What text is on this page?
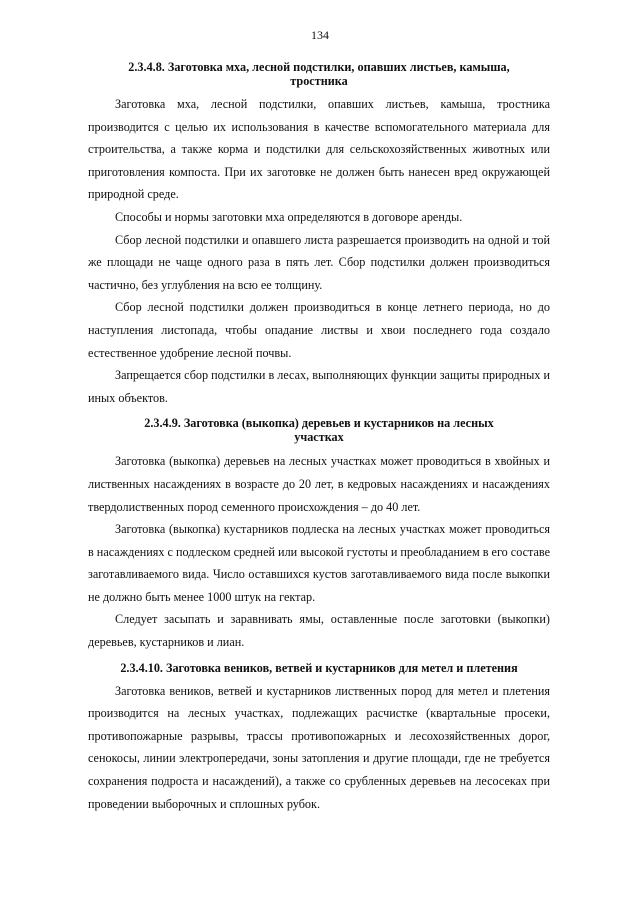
134

2.3.4.8. Заготовка мха, лесной подстилки, опавших листьев, камыша, тростника

Заготовка мха, лесной подстилки, опавших листьев, камыша, тростника производится с целью их использования в качестве вспомогательного материала для строительства, а также корма и подстилки для сельскохозяйственных животных или приготовления компоста. При их заготовке не должен быть нанесен вред окружающей природной среде.

Способы и нормы заготовки мха определяются в договоре аренды.

Сбор лесной подстилки и опавшего листа разрешается производить на одной и той же площади не чаще одного раза в пять лет. Сбор подстилки должен производиться частично, без углубления на всю ее толщину.

Сбор лесной подстилки должен производиться в конце летнего периода, но до наступления листопада, чтобы опадание листвы и хвои последнего года создало естественное удобрение лесной почвы.

Запрещается сбор подстилки в лесах, выполняющих функции защиты природных и иных объектов.

2.3.4.9. Заготовка (выкопка) деревьев и кустарников на лесных участках

Заготовка (выкопка) деревьев на лесных участках может проводиться в хвойных и лиственных насаждениях в возрасте до 20 лет, в кедровых насаждениях и насаждениях твердолиственных пород семенного происхождения – до 40 лет.

Заготовка (выкопка) кустарников подлеска на лесных участках может проводиться в насаждениях с подлеском средней или высокой густоты и преобладанием в его составе заготавливаемого вида. Число оставшихся кустов заготавливаемого вида после выкопки не должно быть менее 1000 штук на гектар.

Следует засыпать и заравнивать ямы, оставленные после заготовки (выкопки) деревьев, кустарников и лиан.

2.3.4.10. Заготовка веников, ветвей и кустарников для метел и плетения

Заготовка веников, ветвей и кустарников лиственных пород для метел и плетения производится на лесных участках, подлежащих расчистке (квартальные просеки, противопожарные разрывы, трассы противопожарных и лесохозяйственных дорог, сенокосы, линии электропередачи, зоны затопления и другие площади, где не требуется сохранения подроста и насаждений), а также со срубленных деревьев на лесосеках при проведении выборочных и сплошных рубок.
